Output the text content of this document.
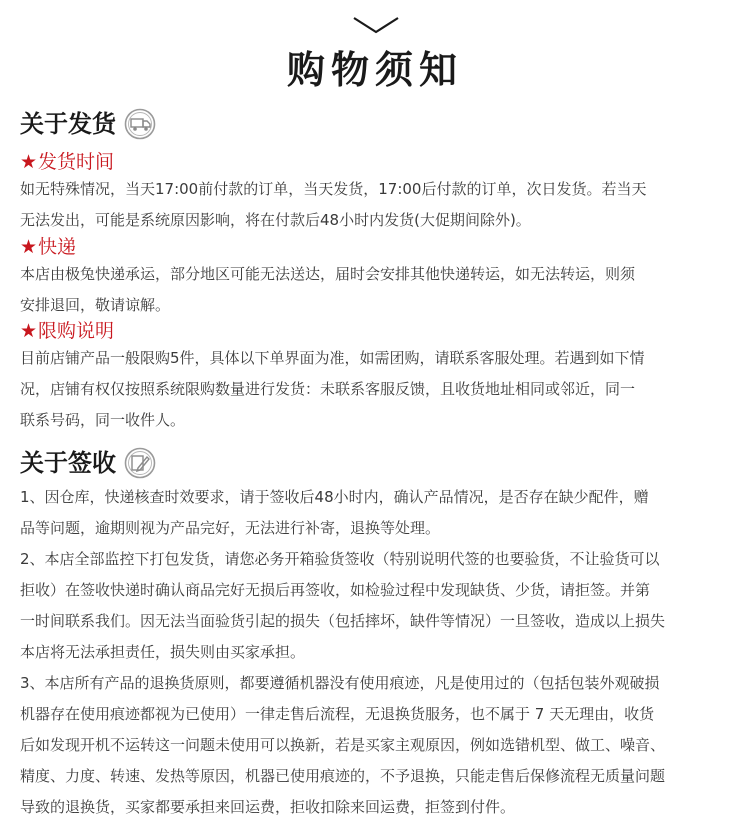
购物须知
关于发货
★发货时间
如无特殊情况，当天17:00前付款的订单，当天发货，17:00后付款的订单，次日发货。若当天
无法发出，可能是系统原因影响，将在付款后48小时内发货(大促期间除外)。
★快递
本店由极兔快递承运，部分地区可能无法送达，届时会安排其他快递转运，如无法转运，则须
安排退回，敬请谅解。
★限购说明
目前店铺产品一般限购5件，具体以下单界面为准，如需团购，请联系客服处理。若遇到如下情
况，店铺有权仅按照系统限购数量进行发货：未联系客服反馈，且收货地址相同或邻近，同一
联系号码，同一收件人。
关于签收
1、因仓库，快递核查时效要求，请于签收后48小时内，确认产品情况，是否存在缺少配件，赠
品等问题，逾期则视为产品完好，无法进行补寄，退换等处理。
2、本店全部监控下打包发货，请您必务开箱验货签收（特别说明代签的也要验货，不让验货可以
拒收）在签收快递时确认商品完好无损后再签收，如检验过程中发现缺货、少货，请拒签。并第
一时间联系我们。因无法当面验货引起的损失（包括摔坏，缺件等情况）一旦签收，造成以上损失
本店将无法承担责任，损失则由买家承担。
3、本店所有产品的退换货原则，都要遵循机器没有使用痕迹，凡是使用过的（包括包装外观破损
机器存在使用痕迹都视为已使用）一律走售后流程，无退换货服务，也不属于 7 天无理由，收货
后如发现开机不运转这一问题未使用可以换新，若是买家主观原因，例如选错机型、做工、噪音、
精度、力度、转速、发热等原因，机器已使用痕迹的，不予退换，只能走售后保修流程无质量问题
导致的退换货，买家都要承担来回运费，拒收扣除来回运费，拒签到付件。
